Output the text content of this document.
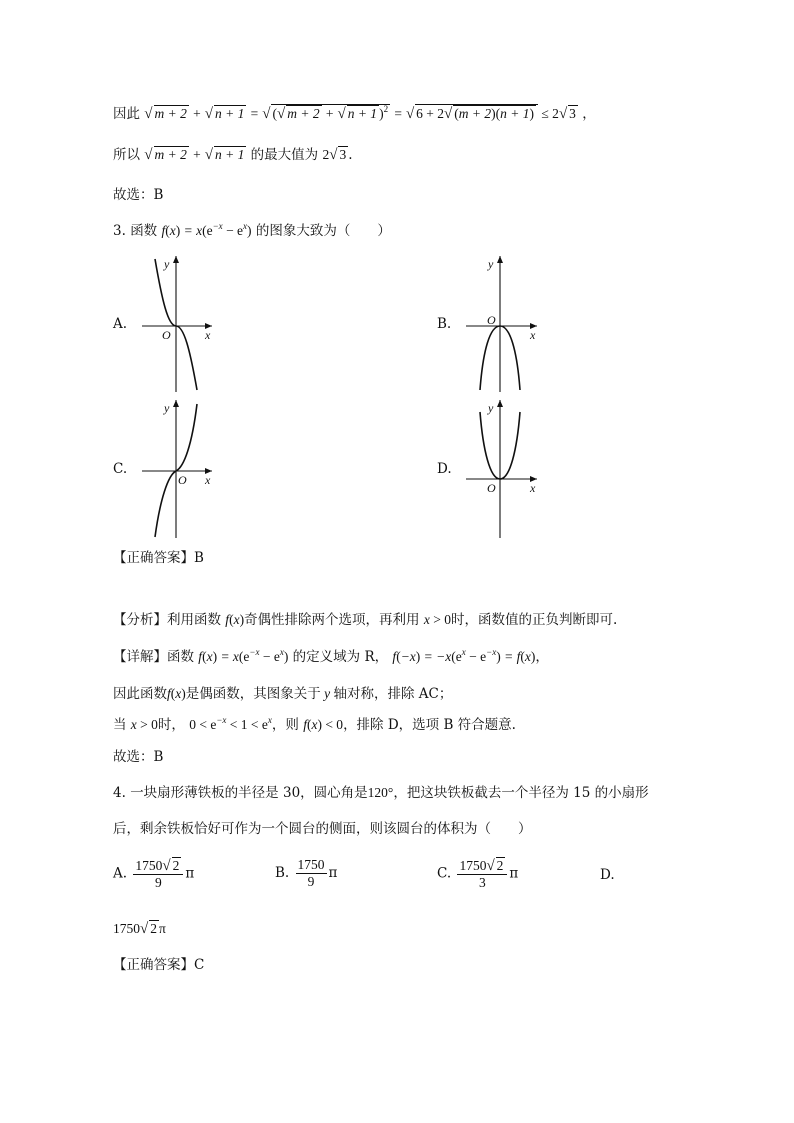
因此 √ m + 2 + √ n + 1 = √ (√ m + 2 + √ n + 1 )$^2$ = √ 6 + 2√ (m + 2)(n + 1) ≤ 2√ 3 ，
所以 √ m + 2 + √ n + 1 的最大值为 2√ 3 .
故选：B
3. 函数 $f(x) = x(e^{-x} - e^x)$ 的图象大致为（　　）
A.	B.
C.	D.
y
x
O
y
x
O
y
x
O
y
x
O
【正确答案】B
【分析】利用函数 f(x)奇偶性排除两个选项，再利用 x > 0时，函数值的正负判断即可.
【详解】函数 $f(x) = x(e^{-x} - e^x)$ 的定义域为 R， $f(-x) = -x(e^x - e^{-x}) = f(x)$，
因此函数f(x)是偶函数，其图象关于 y 轴对称，排除 AC；
当 x > 0时， $0 < e^{-x} < 1 < e^x$，则 f(x) < 0，排除 D，选项 B 符合题意.
故选：B
4. 一块扇形薄铁板的半径是 30，圆心角是120°，把这块铁板截去一个半径为 15 的小扇形
后，剩余铁板恰好可作为一个圆台的侧面，则该圆台的体积为（　　）
A. $\frac{1750√ 2}{9}$ π	B. $\frac{1750}{9}$ π	C. $\frac{1750√ 2}{3}$ π	D.
1750√ 2 π
【正确答案】C
